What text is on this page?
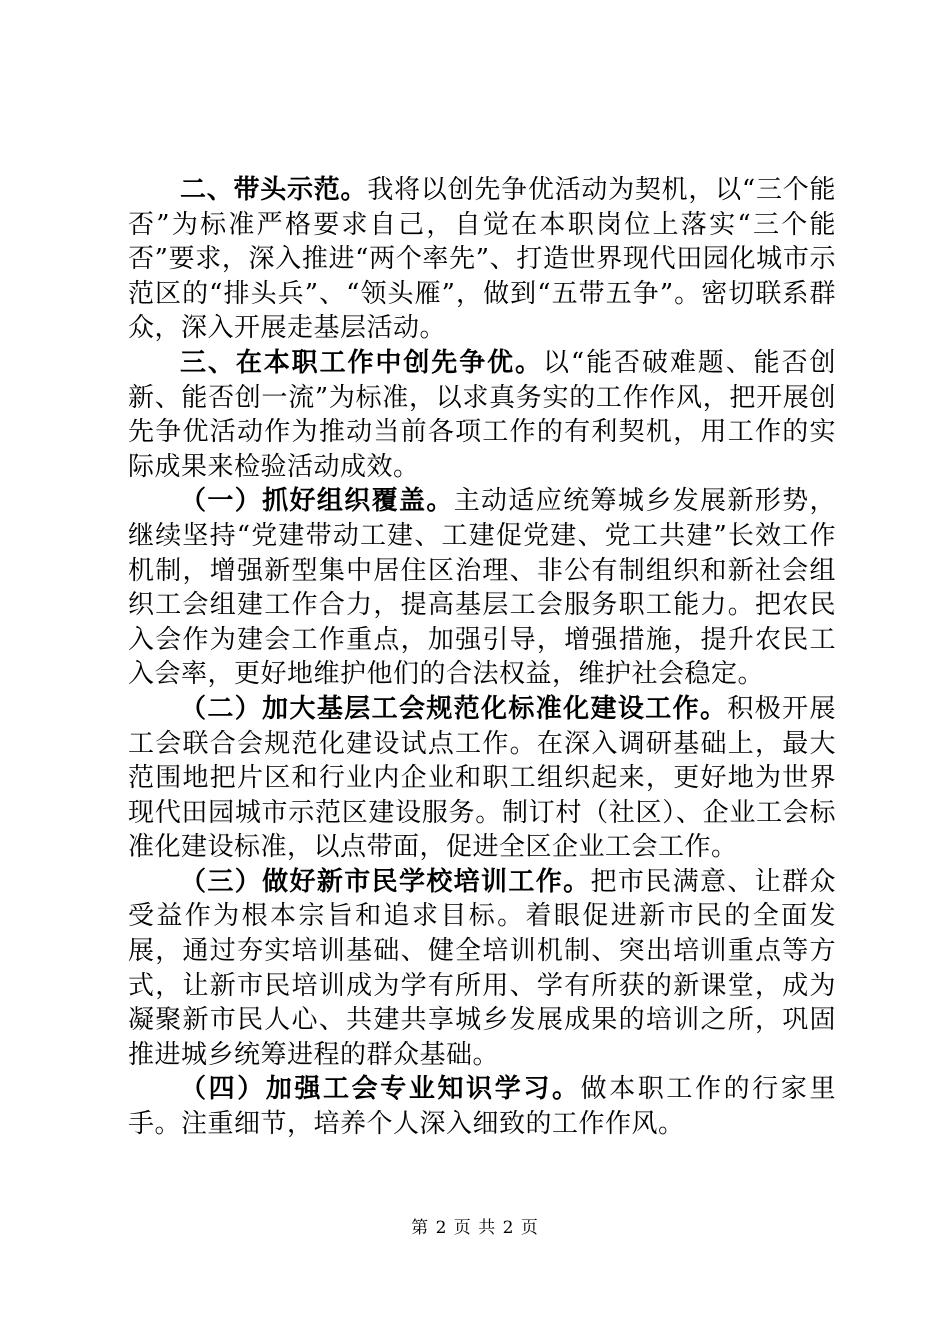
二、带头示范。我将以创先争优活动为契机，以“三个能否”为标准严格要求自己，自觉在本职岗位上落实“三个能否”要求，深入推进“两个率先”、打造世界现代田园化城市示范区的“排头兵”、“领头雁”，做到“五带五争”。密切联系群众，深入开展走基层活动。

三、在本职工作中创先争优。以“能否破难题、能否创新、能否创一流”为标准，以求真务实的工作作风，把开展创先争优活动作为推动当前各项工作的有利契机，用工作的实际成果来检验活动成效。

（一）抓好组织覆盖。主动适应统筹城乡发展新形势，继续坚持“党建带动工建、工建促党建、党工共建”长效工作机制，增强新型集中居住区治理、非公有制组织和新社会组织工会组建工作合力，提高基层工会服务职工能力。把农民入会作为建会工作重点，加强引导，增强措施，提升农民工入会率，更好地维护他们的合法权益，维护社会稳定。

（二）加大基层工会规范化标准化建设工作。积极开展工会联合会规范化建设试点工作。在深入调研基础上，最大范围地把片区和行业内企业和职工组织起来，更好地为世界现代田园城市示范区建设服务。制订村（社区）、企业工会标准化建设标准，以点带面，促进全区企业工会工作。

（三）做好新市民学校培训工作。把市民满意、让群众受益作为根本宗旨和追求目标。着眼促进新市民的全面发展，通过夯实培训基础、健全培训机制、突出培训重点等方式，让新市民培训成为学有所用、学有所获的新课堂，成为凝聚新市民人心、共建共享城乡发展成果的培训之所，巩固推进城乡统筹进程的群众基础。

（四）加强工会专业知识学习。做本职工作的行家里手。注重细节，培养个人深入细致的工作作风。

第 2 页 共 2 页
